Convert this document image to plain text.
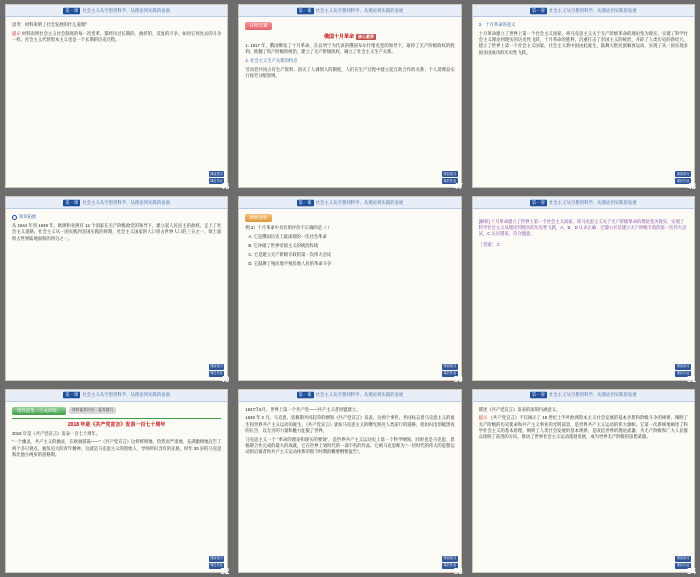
第一课 社会主义从空想到科学、从理论到实践的发展

思考：材料说明了社会发展的什么道理？

提示 材料说明社会主义社会制度的每一次变革，都经历过长期的、曲折的、反复的斗争。如同它何处去的斗争一样。社会主义代替资本主义也是一个长期的历史过程。

课前预习
课后作业
☆	46
第一课 社会主义从空想到科学、从理论到实践的发展
日积月累
俄国十月革命 核心素养

1. 1917 年，俄国爆发了十月革命，在以列宁为代表的俄国布尔什维克党的领导下，取得了无产阶级政权的胜利。推翻了资产阶级的统治，建立了无产阶级政权，确立了社会主义生产关系。

2. 社会主义生产关系的特点

劳动者共同占有生产资料；消灭了人剥削人的制度，人们在生产过程中建立起互助合作的关系；个人消费品实行按劳分配原则。

课前预习
课后作业
47
第一课 社会主义从空想到科学、从理论到实践的发展

3．十月革命的意义

十月革命建立了世界上第一个社会主义国家，将马克思主义关于无产阶级革命的理论变为现实，实现了科学社会主义理论到现实的历史性飞跃，十月革命的胜利，沉重打击了帝国主义的统治，开辟了人类历史的新纪元，建立了世界上第一个社会主义国家，社会主义新中国由此诞生，鼓舞大批民族解放运动，实现了从一国实现多国多国成功的历史性飞跃。

课前预习
课后作业
48
第一课 社会主义从空想到科学、从理论到实践的发展

知识拓展

从 1944 年到 1949 年。欧洲和亚洲有 12 个国家在无产阶级政党的领导下，建立起人民民主的政权，走上了社会主义道路。社会主义从一国实践到多国实践的时期，社会主义国家的人口曾占世界人口的三分之一，领土面积占世界陆地面积的四分之一。

课前预习
课后作业
49
第一课 社会主义从空想到科学、从理论到实践的发展
典例剖析

例 3）十月革命中具有的评价不正确的是（ ）

A. 它是俄国历史上最深刻的一次社会革命

B. 它冲破了世界帝国主义的统治阵线

C. 它是建立无产阶级专政的第一次伟大尝试

D. 它鼓舞了殖民地半殖民地人民的革命斗争

课前预习
课后作业
50
第一课 社会主义从空想到科学、从理论到实践的发展

[解析] 十月革命建立了世界上第一个社会主义国家，将马克思主义关于无产阶级革命的理论变为现实，实现了科学社会主义从理论到现实的历史性飞跃，A、B、D 认识正确；巴黎公社是建立无产阶级专政的第一次伟大尝试，C 认识错误，符合题意。

［答案］ C

课前预习
课后作业
51
第一课 社会主义从空想到科学、从理论到实践的发展
资料提集（生成训练）	课时素养评价 · 素养提升
2018 年是《共产党宣言》发表一百七十周年

2018 年是《共产党宣言》发表一百七十周年。

“一个幽灵，共产主义的幽灵，在欧洲游荡——”《共产党宣言》这样鲜明地、热烈而严肃地、充满激情地宣告了两个多只观点、独负迫大的青年精神，这就是马克思主义的创始人、导师所识含有的先驱。时年 30 岁的马克思和比他小两岁的恩格斯。

课前预习
课后作业
52
第一课 社会主义从空想到科学、从理论到实践的发展

1847年6月。世界上第一个共产党——共产主义者同盟建立。

1848 年 2 月。马克思、恩格斯共同起草的纲领《共产党宣言》发表。这两个事件，共同标志着马克思主义的诞生和世界共产主义运动的诞生。《共产党宣言》犹如马克思主义的曙光照亮人类前行的道路，犹如闪电划破黑夜的长空，以无穷的力量和魅力征服了世界。

马克思主义一个 “革命的理论和现实的要领”，是世界共产主义运动史上第一个科学纲领，同时也是马克思、恩格斯合作完成的最大的成就，它在世界上划时代的一部不朽的作品，它被马克思称为 “一切时代的伟大的思想运动的启蒙者和共产主义运动体系的那个时期的概要纲要报告”。

课前预习
课后作业
53
第一课 社会主义从空想到科学、从理论到实践的发展

描述《共产党宣言》发表的深刻内涵意义。

提示 《共产党宣言》不仅揭示了 19 世纪上半叶欧洲资本主义社会发展的基本矛盾和阶级斗争的规律，阐明了无产阶级的历史使命和共产主义事业的光明前景，是世界共产主义运动的伟大旗帜。它第一次系统地阐述了科学社会主义的基本原理，阐明了人类社会发展的基本规律，是改造世界的理论武器，为无产阶级和广大人民群众指明了前进的方向，推动了世界社会主义运动蓬勃发展，成为世界无产阶级的思想武器。

课前预习
课后作业
54
